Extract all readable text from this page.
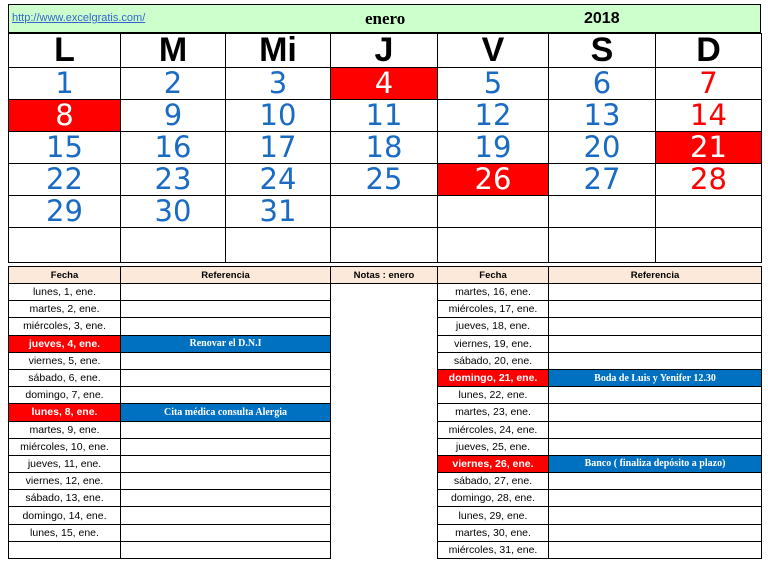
http://www.excelgratis.com/	enero	2018
L	M	Mi	J	V	S	D
1	2	3	4	5	6	7
8	9	10	11	12	13	14
15	16	17	18	19	20	21
22	23	24	25	26	27	28
29	30	31				

Fecha	Referencia	Notas : enero	Fecha	Referencia
lunes, 1, ene.			martes, 16, ene.	
martes, 2, ene.			miércoles, 17, ene.	
miércoles, 3, ene.			jueves, 18, ene.	
jueves, 4, ene.	Renovar el D.N.I		viernes, 19, ene.	
viernes, 5, ene.			sábado, 20, ene.	
sábado, 6, ene.			domingo, 21, ene.	Boda de Luis y Yenifer 12.30
domingo, 7, ene.			lunes, 22, ene.	
lunes, 8, ene.	Cita médica consulta Alergia		martes, 23, ene.	
martes, 9, ene.			miércoles, 24, ene.	
miércoles, 10, ene.			jueves, 25, ene.	
jueves, 11, ene.			viernes, 26, ene.	Banco ( finaliza depósito a plazo)
viernes, 12, ene.			sábado, 27, ene.	
sábado, 13, ene.			domingo, 28, ene.	
domingo, 14, ene.			lunes, 29, ene.	
lunes, 15, ene.			martes, 30, ene.	
			miércoles, 31, ene.	
